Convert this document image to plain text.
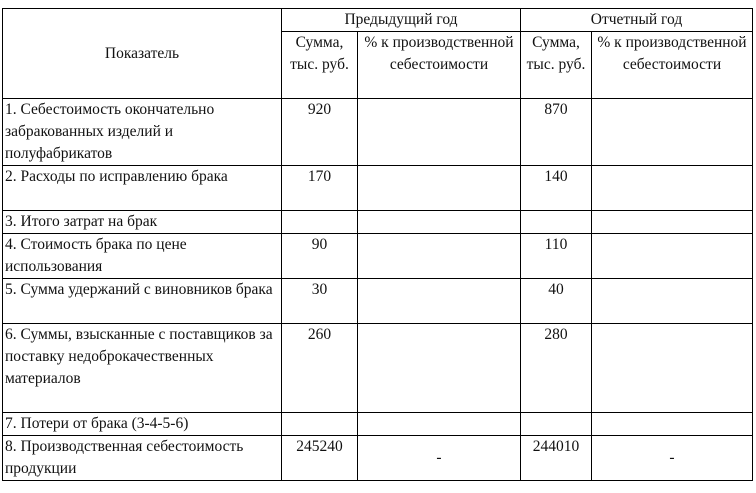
Показатель	Предыдущий год		Отчетный год	
	Сумма, тыс. руб.	% к производственной себестоимости	Сумма, тыс. руб.	% к производственной себестоимости
1. Себестоимость окончательно забракованных изделий и полуфабрикатов	920		870	
2. Расходы по исправлению брака	170		140	
3. Итого затрат на брак				
4. Стоимость брака по цене использования	90		110	
5. Сумма удержаний с виновников брака	30		40	
6. Суммы, взысканные с поставщиков за поставку недоброкачественных материалов	260		280	
7. Потери от брака (3-4-5-6)				
8. Производственная себестоимость продукции	245240	-	244010	-
